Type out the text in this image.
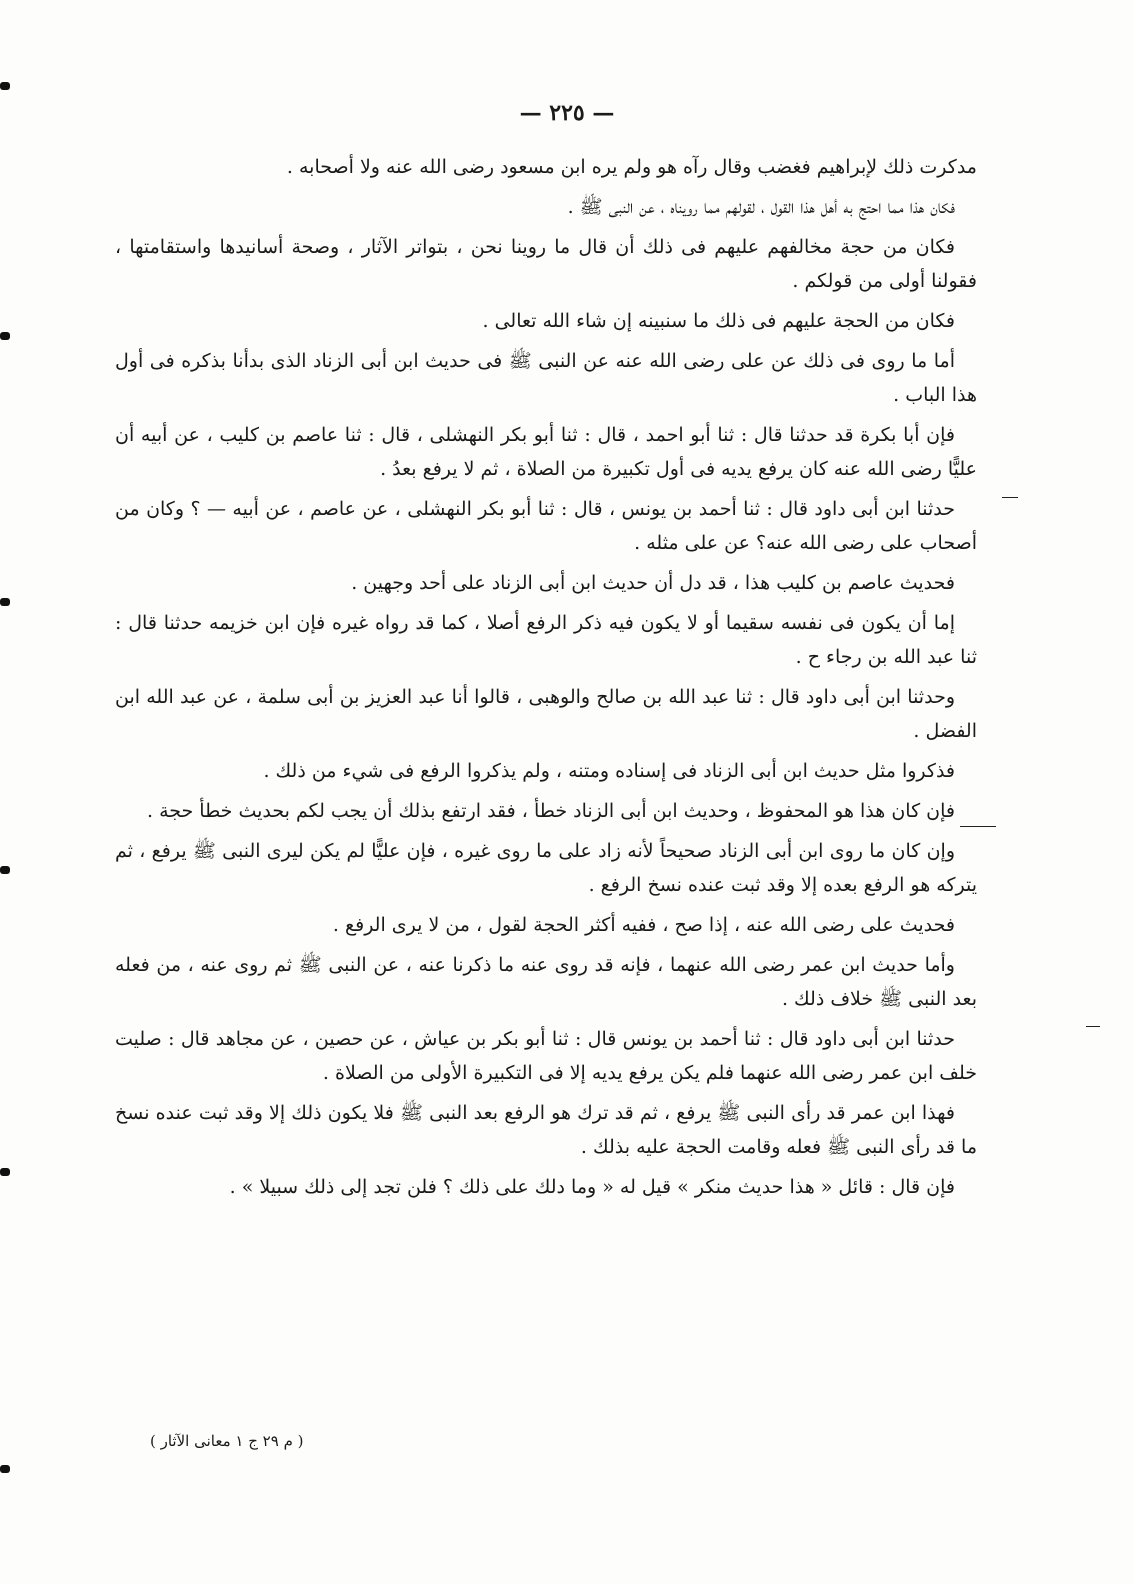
— ٢٢٥ —

مدكرت ذلك لإبراهيم فغضب وقال رآه هو ولم يره ابن مسعود رضى الله عنه ولا أصحابه .

فكان هذا مما احتج به أهل هذا القول ، لقولهم مما رويناه ، عن النبى ﷺ .

فكان من حجة مخالفهم عليهم فى ذلك أن قال ما روينا نحن ، بتواتر الآثار ، وصحة أسانيدها واستقامتها ، فقولنا أولى من قولكم .

فكان من الحجة عليهم فى ذلك ما سنبينه إن شاء الله تعالى .

أما ما روى فى ذلك عن على رضى الله عنه عن النبى ﷺ فى حديث ابن أبى الزناد الذى بدأنا بذكره فى أول هذا الباب .

فإن أبا بكرة قد حدثنا قال : ثنا أبو احمد ، قال : ثنا أبو بكر النهشلى ، قال : ثنا عاصم بن كليب ، عن أبيه أن عليًّا رضى الله عنه كان يرفع يديه فى أول تكبيرة من الصلاة ، ثم لا يرفع بعدُ .

حدثنا ابن أبى داود قال : ثنا أحمد بن يونس ، قال : ثنا أبو بكر النهشلى ، عن عاصم ، عن أبيه — ؟ وكان من أصحاب على رضى الله عنه؟ عن على مثله .

فحديث عاصم بن كليب هذا ، قد دل أن حديث ابن أبى الزناد على أحد وجهين .

إما أن يكون فى نفسه سقيما أو لا يكون فيه ذكر الرفع أصلا ، كما قد رواه غيره فإن ابن خزيمه حدثنا قال : ثنا عبد الله بن رجاء ح .

وحدثنا ابن أبى داود قال : ثنا عبد الله بن صالح والوهبى ، قالوا أنا عبد العزيز بن أبى سلمة ، عن عبد الله ابن الفضل .

فذكروا مثل حديث ابن أبى الزناد فى إسناده ومتنه ، ولم يذكروا الرفع فى شيء من ذلك .

فإن كان هذا هو المحفوظ ، وحديث ابن أبى الزناد خطأ ، فقد ارتفع بذلك أن يجب لكم بحديث خطأ حجة .

وإن كان ما روى ابن أبى الزناد صحيحاً لأنه زاد على ما روى غيره ، فإن عليًّا لم يكن ليرى النبى ﷺ يرفع ، ثم يتركه هو الرفع بعده إلا وقد ثبت عنده نسخ الرفع .

فحديث على رضى الله عنه ، إذا صح ، ففيه أكثر الحجة لقول ، من لا يرى الرفع .

وأما حديث ابن عمر رضى الله عنهما ، فإنه قد روى عنه ما ذكرنا عنه ، عن النبى ﷺ ثم روى عنه ، من فعله بعد النبى ﷺ خلاف ذلك .

حدثنا ابن أبى داود قال : ثنا أحمد بن يونس قال : ثنا أبو بكر بن عياش ، عن حصين ، عن مجاهد قال : صليت خلف ابن عمر رضى الله عنهما فلم يكن يرفع يديه إلا فى التكبيرة الأولى من الصلاة .

فهذا ابن عمر قد رأى النبى ﷺ يرفع ، ثم قد ترك هو الرفع بعد النبى ﷺ فلا يكون ذلك إلا وقد ثبت عنده نسخ ما قد رأى النبى ﷺ فعله وقامت الحجة عليه بذلك .

فإن قال : قائل « هذا حديث منكر » قيل له « وما دلك على ذلك ؟ فلن تجد إلى ذلك سبيلا » .

( م ٢٩ ج ١ معانى الآثار )
